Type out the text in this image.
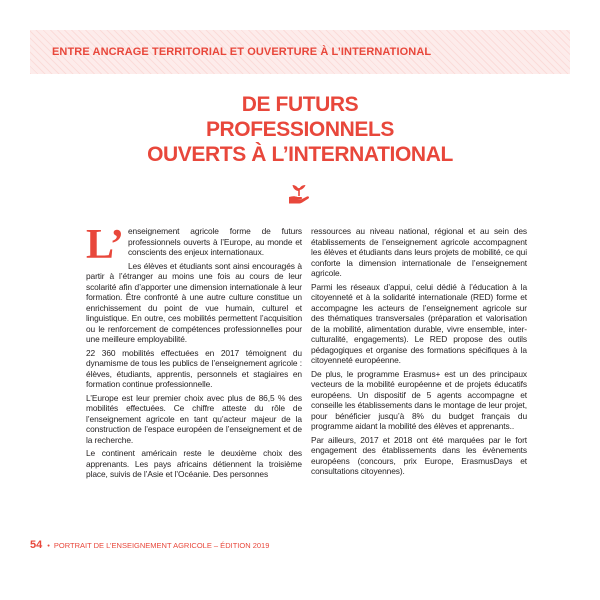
ENTRE ANCRAGE TERRITORIAL ET OUVERTURE À L’INTERNATIONAL
DE FUTURS
PROFESSIONNELS
OUVERTS À L’INTERNATIONAL

L’ enseignement agricole forme de futurs professionnels ouverts à l’Europe, au monde et conscients des enjeux internationaux.

Les élèves et étudiants sont ainsi encouragés à partir à l’étranger au moins une fois au cours de leur scolarité afin d’apporter une dimension internationale à leur formation. Être confronté à une autre culture constitue un enrichissement du point de vue humain, culturel et linguistique. En outre, ces mobilités permettent l’acquisition ou le renforcement de compétences professionnelles pour une meilleure employabilité.

22 360 mobilités effectuées en 2017 témoignent du dynamisme de tous les publics de l’enseignement agricole : élèves, étudiants, apprentis, personnels et stagiaires en formation continue professionnelle.

L’Europe est leur premier choix avec plus de 86,5 % des mobilités effectuées. Ce chiffre atteste du rôle de l’enseignement agricole en tant qu’acteur majeur de la construction de l’espace européen de l’enseignement et de la recherche.

Le continent américain reste le deuxième choix des apprenants. Les pays africains détiennent la troisième place, suivis de l’Asie et l’Océanie. Des personnes

ressources au niveau national, régional et au sein des établissements de l’enseignement agricole accompagnent les élèves et étudiants dans leurs projets de mobilité, ce qui conforte la dimension internationale de l’enseignement agricole.

Parmi les réseaux d’appui, celui dédié à l’éducation à la citoyenneté et à la solidarité internationale (RED) forme et accompagne les acteurs de l’enseignement agricole sur des thématiques transversales (préparation et valorisation de la mobilité, alimentation durable, vivre ensemble, inter-culturalité, engagements). Le RED propose des outils pédagogiques et organise des formations spécifiques à la citoyenneté européenne.

De plus, le programme Erasmus+ est un des principaux vecteurs de la mobilité européenne et de projets éducatifs européens. Un dispositif de 5 agents accompagne et conseille les établissements dans le montage de leur projet, pour bénéficier jusqu’à 8% du budget français du programme aidant la mobilité des élèves et apprenants..

Par ailleurs, 2017 et 2018 ont été marquées par le fort engagement des établissements dans les évènements européens (concours, prix Europe, ErasmusDays et consultations citoyennes).

54 • PORTRAIT DE L’ENSEIGNEMENT AGRICOLE – ÉDITION 2019
